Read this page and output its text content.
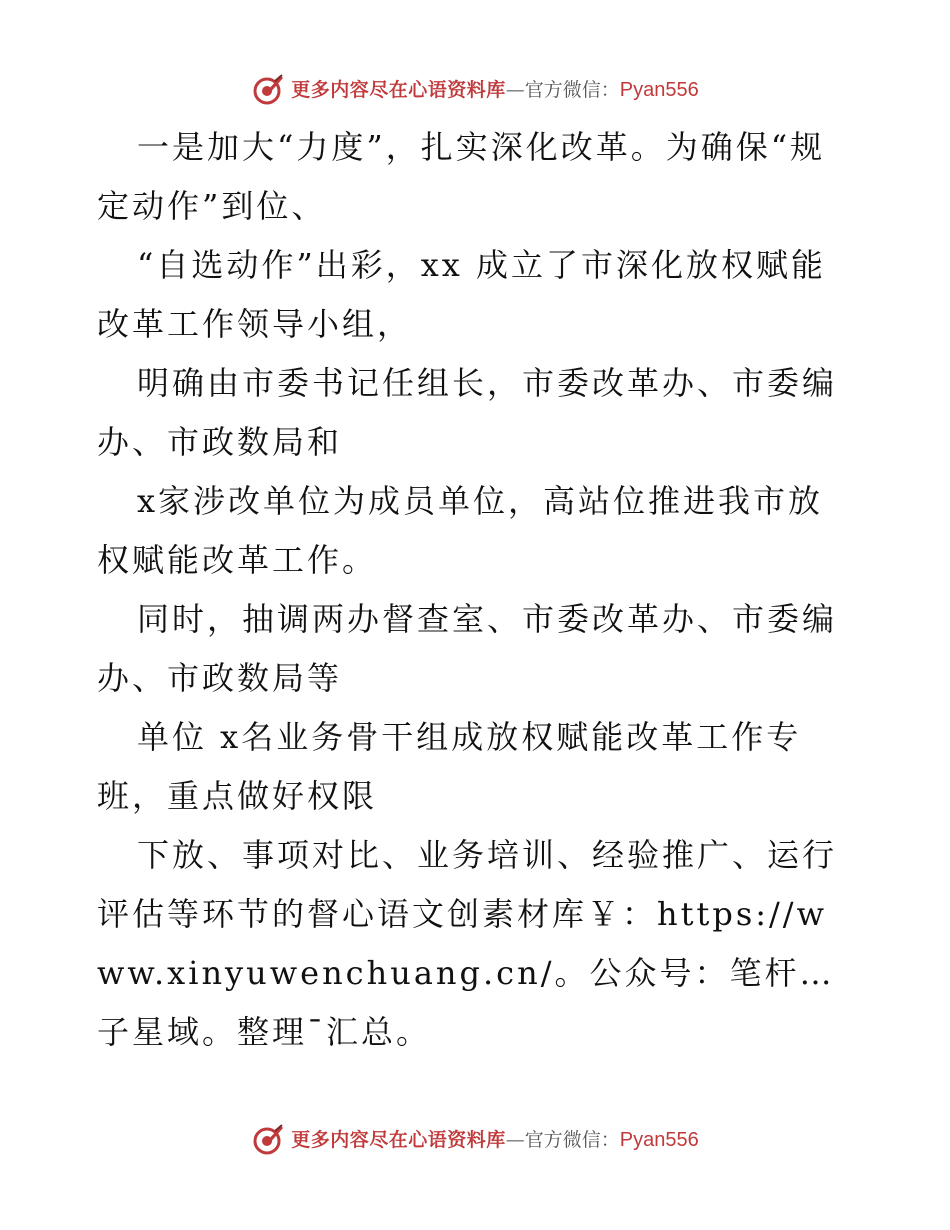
更多内容尽在心语资料库 — 官方微信： Pyan556

一是加大“力度”，扎实深化改革。为确保“规定动作”到位、

“自选动作”出彩，xx 成立了市深化放权赋能改革工作领导小组，

明确由市委书记任组长，市委改革办、市委编办、市政数局和

x家涉改单位为成员单位，高站位推进我市放权赋能改革工作。

同时，抽调两办督查室、市委改革办、市委编办、市政数局等

单位 x名业务骨干组成放权赋能改革工作专班，重点做好权限

下放、事项对比、业务培训、经验推广、运行评估等环节的督心语文创素材库￥：https://www.xinyuwenchuang.cn/。公众号：笔杆…子星域。整理¯汇总。

更多内容尽在心语资料库 — 官方微信： Pyan556
